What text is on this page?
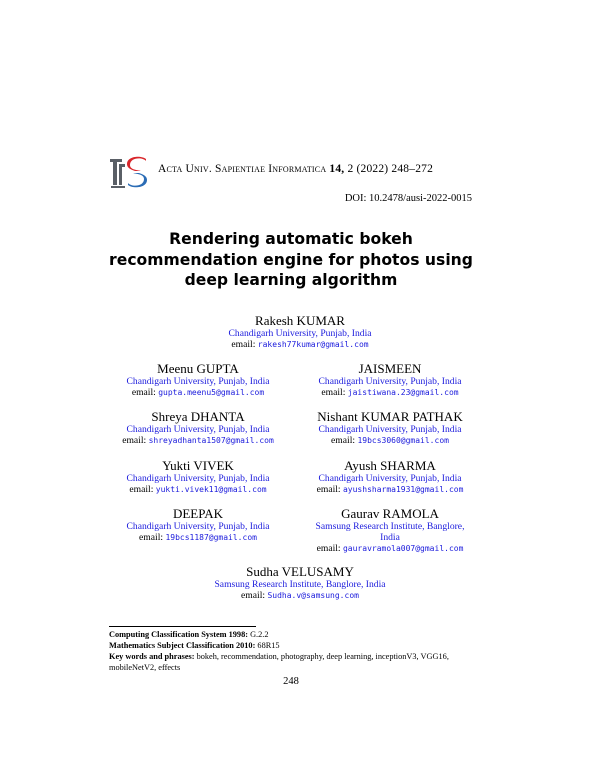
Acta Univ. Sapientiae Informatica 14, 2 (2022) 248–272
DOI: 10.2478/ausi-2022-0015
Rendering automatic bokeh
recommendation engine for photos using
deep learning algorithm
Rakesh KUMAR
Chandigarh University, Punjab, India
email: rakesh77kumar@gmail.com
Meenu GUPTA
Chandigarh University, Punjab, India
email: gupta.meenu5@gmail.com
JAISMEEN
Chandigarh University, Punjab, India
email: jaistiwana.23@gmail.com
Shreya DHANTA
Chandigarh University, Punjab, India
email: shreyadhanta1507@gmail.com
Nishant KUMAR PATHAK
Chandigarh University, Punjab, India
email: 19bcs3060@gmail.com
Yukti VIVEK
Chandigarh University, Punjab, India
email: yukti.vivek11@gmail.com
Ayush SHARMA
Chandigarh University, Punjab, India
email: ayushsharma1931@gmail.com
DEEPAK
Chandigarh University, Punjab, India
email: 19bcs1187@gmail.com
Gaurav RAMOLA
Samsung Research Institute, Banglore,
India
email: gauravramola007@gmail.com
Sudha VELUSAMY
Samsung Research Institute, Banglore, India
email: Sudha.v@samsung.com
Computing Classification System 1998: G.2.2
Mathematics Subject Classification 2010: 68R15
Key words and phrases: bokeh, recommendation, photography, deep learning, inceptionV3, VGG16, mobileNetV2, effects
248
